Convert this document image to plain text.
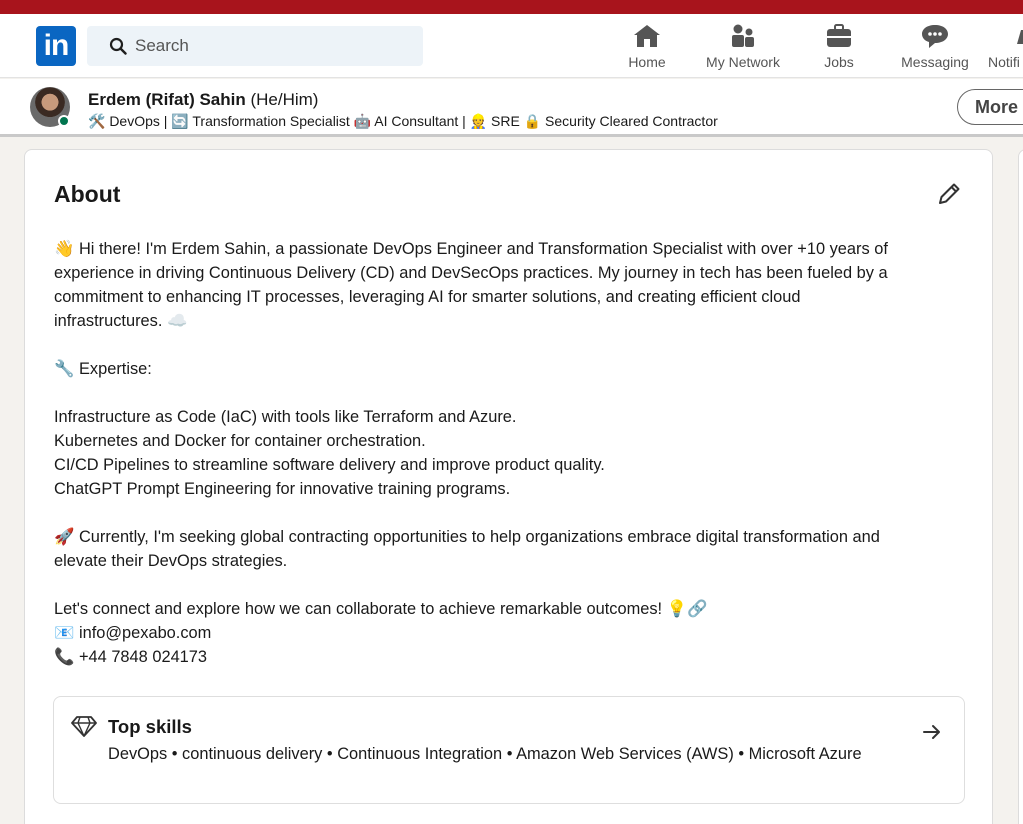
in
Search	Home	My Network	Jobs	Messaging	Notifi
Erdem (Rifat) Sahin (He/Him)
🛠️ DevOps | 🔄 Transformation Specialist 🤖 AI Consultant | 👷 SRE 🔒 Security Cleared Contractor
More
About
👋 Hi there! I'm Erdem Sahin, a passionate DevOps Engineer and Transformation Specialist with over +10 years of
experience in driving Continuous Delivery (CD) and DevSecOps practices. My journey in tech has been fueled by a
commitment to enhancing IT processes, leveraging AI for smarter solutions, and creating efficient cloud
infrastructures. ☁️
🔧 Expertise:
Infrastructure as Code (IaC) with tools like Terraform and Azure.
Kubernetes and Docker for container orchestration.
CI/CD Pipelines to streamline software delivery and improve product quality.
ChatGPT Prompt Engineering for innovative training programs.
🚀 Currently, I'm seeking global contracting opportunities to help organizations embrace digital transformation and
elevate their DevOps strategies.
Let's connect and explore how we can collaborate to achieve remarkable outcomes! 💡🔗
📧 info@pexabo.com
📞 +44 7848 024173
Top skills
DevOps • continuous delivery • Continuous Integration • Amazon Web Services (AWS) • Microsoft Azure
